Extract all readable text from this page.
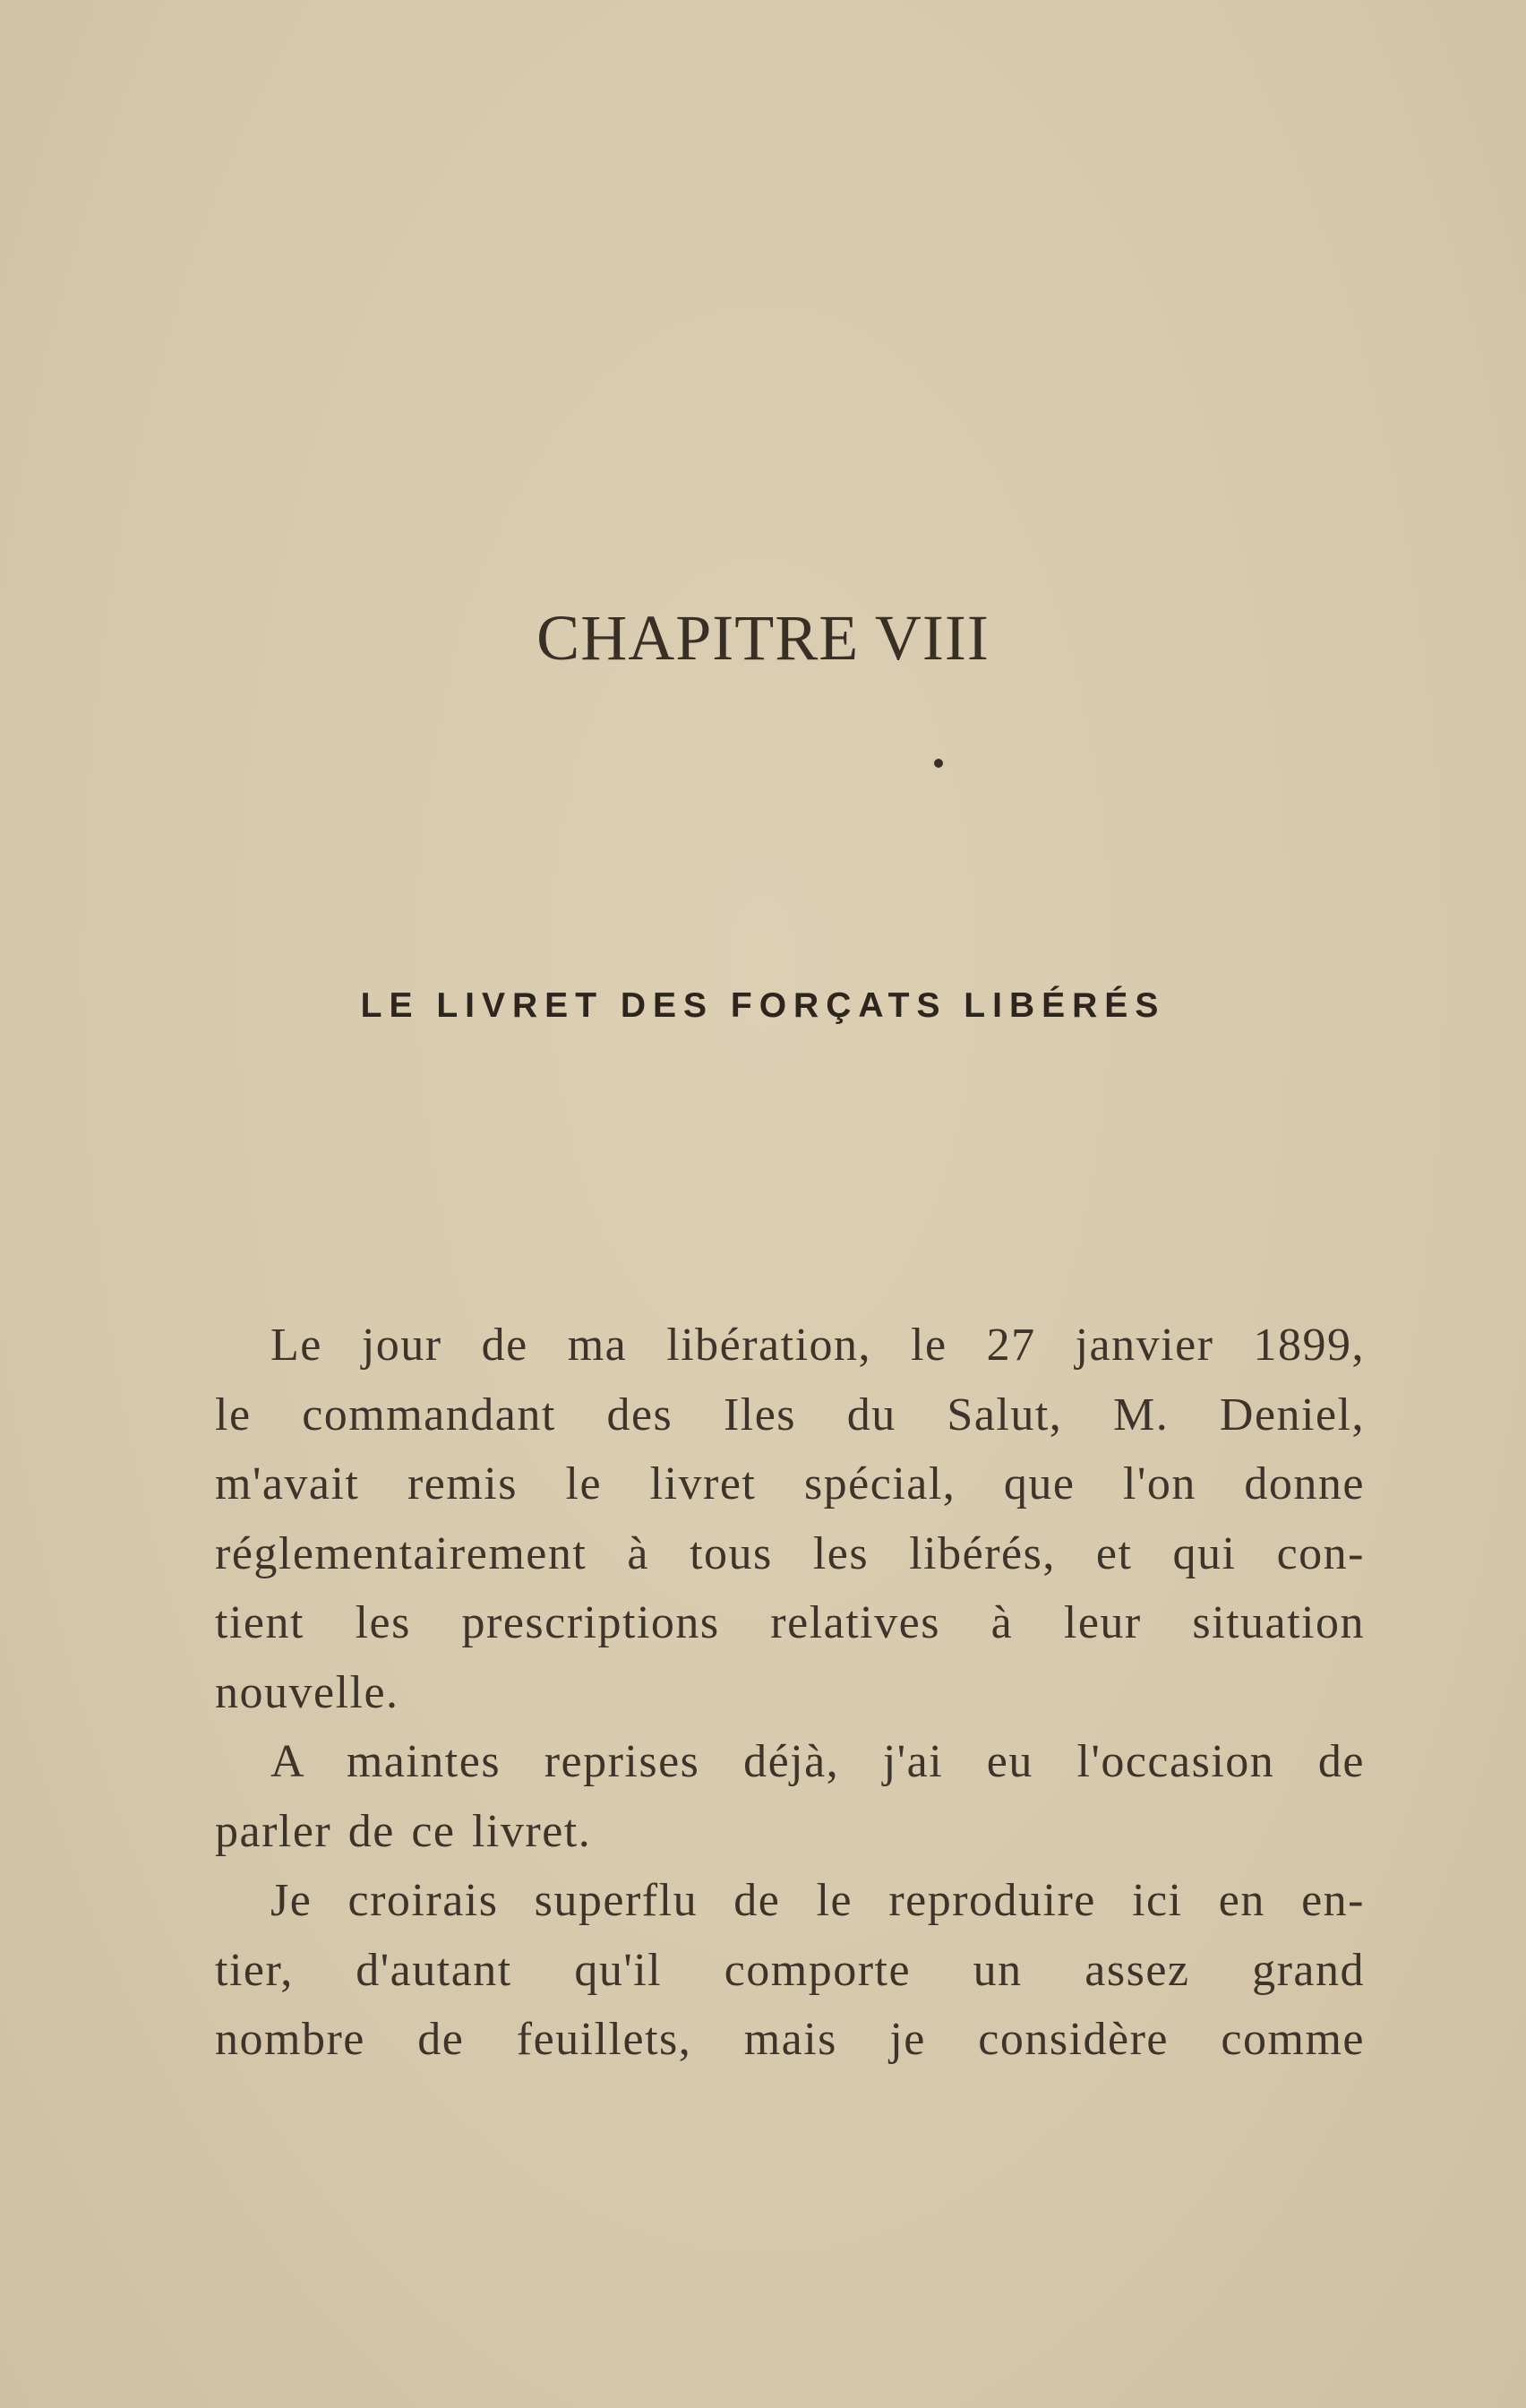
CHAPITRE VIII
LE LIVRET DES FORÇATS LIBÉRÉS

Le jour de ma libération, le 27 janvier 1899,
le commandant des Iles du Salut, M. Deniel,
m'avait remis le livret spécial, que l'on donne
réglementairement à tous les libérés, et qui con-
tient les prescriptions relatives à leur situation
nouvelle.

A maintes reprises déjà, j'ai eu l'occasion de
parler de ce livret.

Je croirais superflu de le reproduire ici en en-
tier, d'autant qu'il comporte un assez grand
nombre de feuillets, mais je considère comme
